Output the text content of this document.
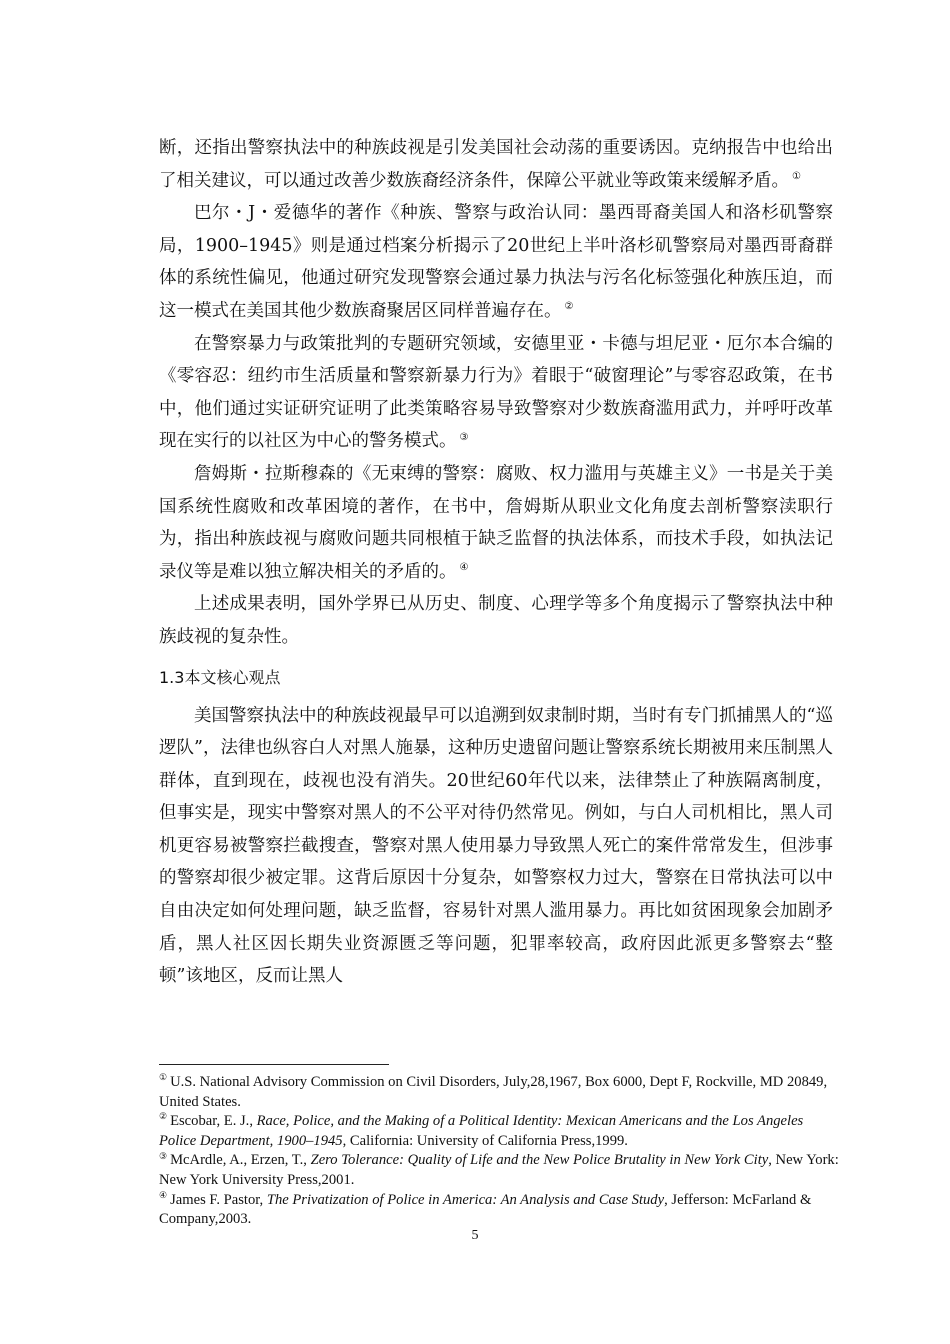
断，还指出警察执法中的种族歧视是引发美国社会动荡的重要诱因。克纳报告中也给出了相关建议，可以通过改善少数族裔经济条件，保障公平就业等政策来缓解矛盾。 ①

巴尔・J・爱德华的著作《种族、警察与政治认同：墨西哥裔美国人和洛杉矶警察局，1900–1945》则是通过档案分析揭示了20世纪上半叶洛杉矶警察局对墨西哥裔群体的系统性偏见，他通过研究发现警察会通过暴力执法与污名化标签强化种族压迫，而这一模式在美国其他少数族裔聚居区同样普遍存在。 ②

在警察暴力与政策批判的专题研究领域，安德里亚・卡德与坦尼亚・厄尔本合编的《零容忍：纽约市生活质量和警察新暴力行为》着眼于“破窗理论”与零容忍政策，在书中，他们通过实证研究证明了此类策略容易导致警察对少数族裔滥用武力，并呼吁改革现在实行的以社区为中心的警务模式。 ③

詹姆斯・拉斯穆森的《无束缚的警察：腐败、权力滥用与英雄主义》一书是关于美国系统性腐败和改革困境的著作，在书中，詹姆斯从职业文化角度去剖析警察渎职行为，指出种族歧视与腐败问题共同根植于缺乏监督的执法体系，而技术手段，如执法记录仪等是难以独立解决相关的矛盾的。 ④

上述成果表明，国外学界已从历史、制度、心理学等多个角度揭示了警察执法中种族歧视的复杂性。

1.3本文核心观点

美国警察执法中的种族歧视最早可以追溯到奴隶制时期，当时有专门抓捕黑人的“巡逻队”，法律也纵容白人对黑人施暴，这种历史遗留问题让警察系统长期被用来压制黑人群体，直到现在，歧视也没有消失。20世纪60年代以来，法律禁止了种族隔离制度，但事实是，现实中警察对黑人的不公平对待仍然常见。例如，与白人司机相比，黑人司机更容易被警察拦截搜查，警察对黑人使用暴力导致黑人死亡的案件常常发生，但涉事的警察却很少被定罪。这背后原因十分复杂，如警察权力过大，警察在日常执法可以中自由决定如何处理问题，缺乏监督，容易针对黑人滥用暴力。再比如贫困现象会加剧矛盾，黑人社区因长期失业资源匮乏等问题，犯罪率较高，政府因此派更多警察去“整顿”该地区，反而让黑人

① U.S. National Advisory Commission on Civil Disorders, July,28,1967, Box 6000, Dept F, Rockville, MD 20849, United States.

② Escobar, E. J., Race, Police, and the Making of a Political Identity: Mexican Americans and the Los Angeles Police Department, 1900–1945, California: University of California Press,1999.

③ McArdle, A., Erzen, T., Zero Tolerance: Quality of Life and the New Police Brutality in New York City, New York: New York University Press,2001.

④ James F. Pastor, The Privatization of Police in America: An Analysis and Case Study, Jefferson: McFarland & Company,2003.

5
